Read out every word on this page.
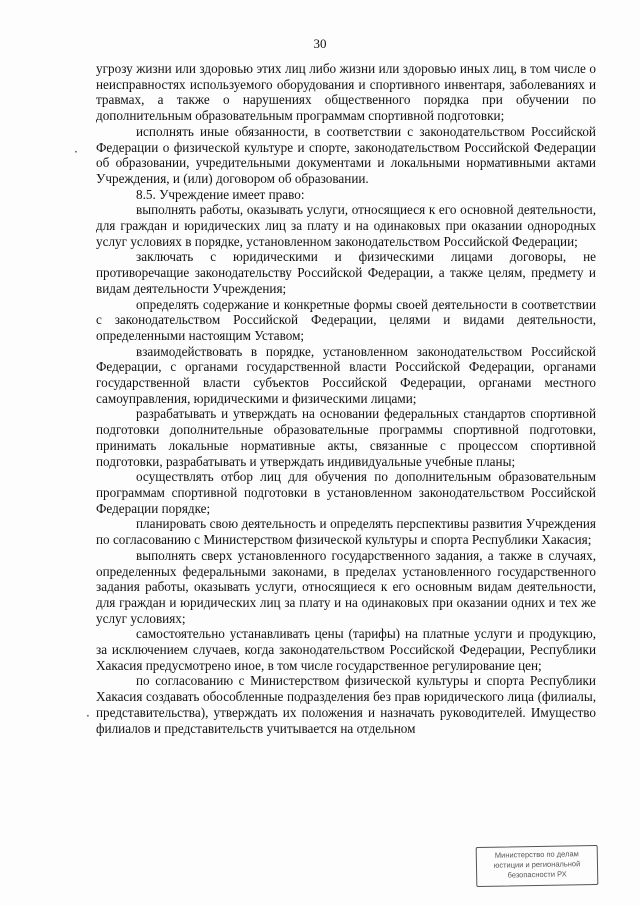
30

угрозу жизни или здоровью этих лиц либо жизни или здоровью иных лиц, в том числе о неисправностях используемого оборудования и спортивного инвентаря, заболеваниях и травмах, а также о нарушениях общественного порядка при обучении по дополнительным образовательным программам спортивной подготовки;

исполнять иные обязанности, в соответствии с законодательством Российской Федерации о физической культуре и спорте, законодательством Российской Федерации об образовании, учредительными документами и локальными нормативными актами Учреждения, и (или) договором об образовании.

8.5. Учреждение имеет право:

выполнять работы, оказывать услуги, относящиеся к его основной деятельности, для граждан и юридических лиц за плату и на одинаковых при оказании однородных услуг условиях в порядке, установленном законодательством Российской Федерации;

заключать с юридическими и физическими лицами договоры, не противоречащие законодательству Российской Федерации, а также целям, предмету и видам деятельности Учреждения;

определять содержание и конкретные формы своей деятельности в соответствии с законодательством Российской Федерации, целями и видами деятельности, определенными настоящим Уставом;

взаимодействовать в порядке, установленном законодательством Российской Федерации, с органами государственной власти Российской Федерации, органами государственной власти субъектов Российской Федерации, органами местного самоуправления, юридическими и физическими лицами;

разрабатывать и утверждать на основании федеральных стандартов спортивной подготовки дополнительные образовательные программы спортивной подготовки, принимать локальные нормативные акты, связанные с процессом спортивной подготовки, разрабатывать и утверждать индивидуальные учебные планы;

осуществлять отбор лиц для обучения по дополнительным образовательным программам спортивной подготовки в установленном законодательством Российской Федерации порядке;

планировать свою деятельность и определять перспективы развития Учреждения по согласованию с Министерством физической культуры и спорта Республики Хакасия;

выполнять сверх установленного государственного задания, а также в случаях, определенных федеральными законами, в пределах установленного государственного задания работы, оказывать услуги, относящиеся к его основным видам деятельности, для граждан и юридических лиц за плату и на одинаковых при оказании одних и тех же услуг условиях;

самостоятельно устанавливать цены (тарифы) на платные услуги и продукцию, за исключением случаев, когда законодательством Российской Федерации, Республики Хакасия предусмотрено иное, в том числе государственное регулирование цен;

по согласованию с Министерством физической культуры и спорта Республики Хакасия создавать обособленные подразделения без прав юридического лица (филиалы, представительства), утверждать их положения и назначать руководителей. Имущество филиалов и представительств учитывается на отдельном

·
·
Министерство по делам
юстиции и региональной
безопасности РХ
